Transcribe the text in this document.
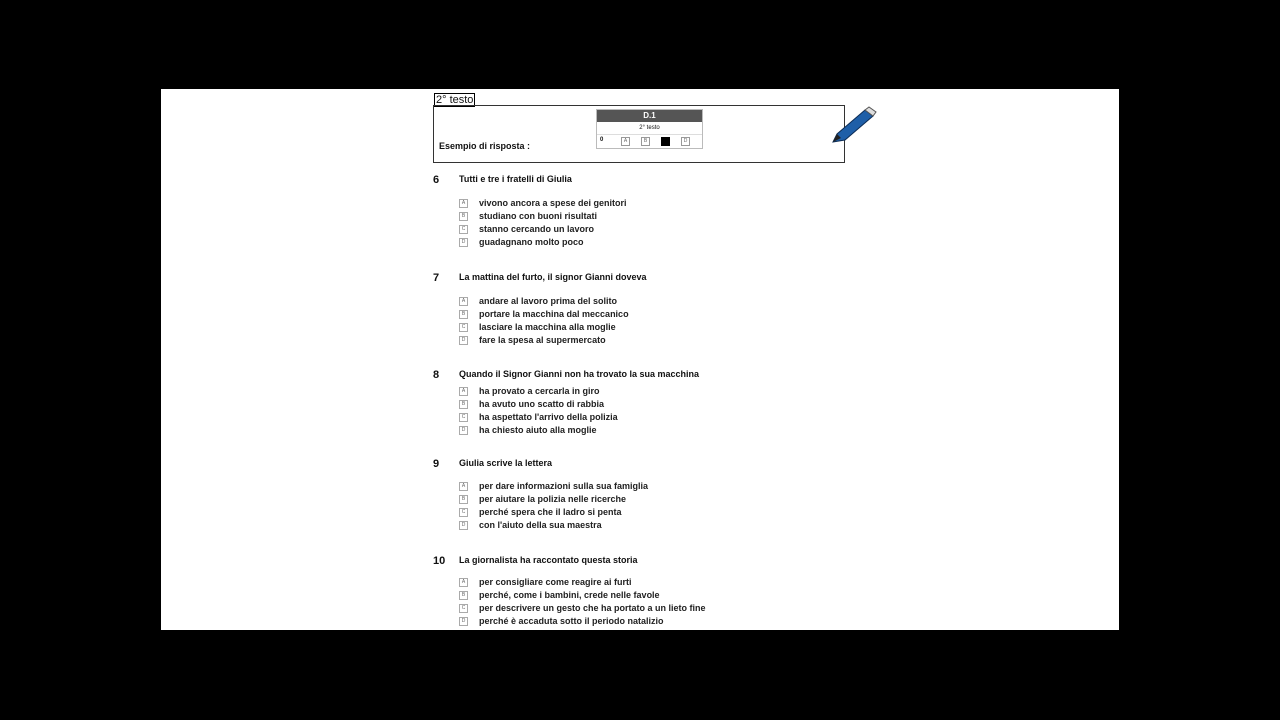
2° testo
Esempio di risposta :
D.1
2° testo
0	A	B	D
6	Tutti e tre i fratelli di Giulia
A	vivono ancora a spese dei genitori
B	studiano con buoni risultati
C stanno cercando un lavoro
D guadagnano molto poco
7	La mattina del furto, il signor Gianni doveva
A	andare al lavoro prima del solito
B	portare la macchina dal meccanico
C lasciare la macchina alla moglie
D fare la spesa al supermercato
8	Quando il Signor Gianni non ha trovato la sua macchina
A	ha provato a cercarla in giro
B	ha avuto uno scatto di rabbia
C ha aspettato l'arrivo della polizia
D ha chiesto aiuto alla moglie
9	Giulia scrive la lettera
A	per dare informazioni sulla sua famiglia
B	per aiutare la polizia nelle ricerche
C perché spera che il ladro si penta
D con l'aiuto della sua maestra
10	La giornalista ha raccontato questa storia
A	per consigliare come reagire ai furti
B	perché, come i bambini, crede nelle favole
C per descrivere un gesto che ha portato a un lieto fine
D perché è accaduta sotto il periodo natalizio
